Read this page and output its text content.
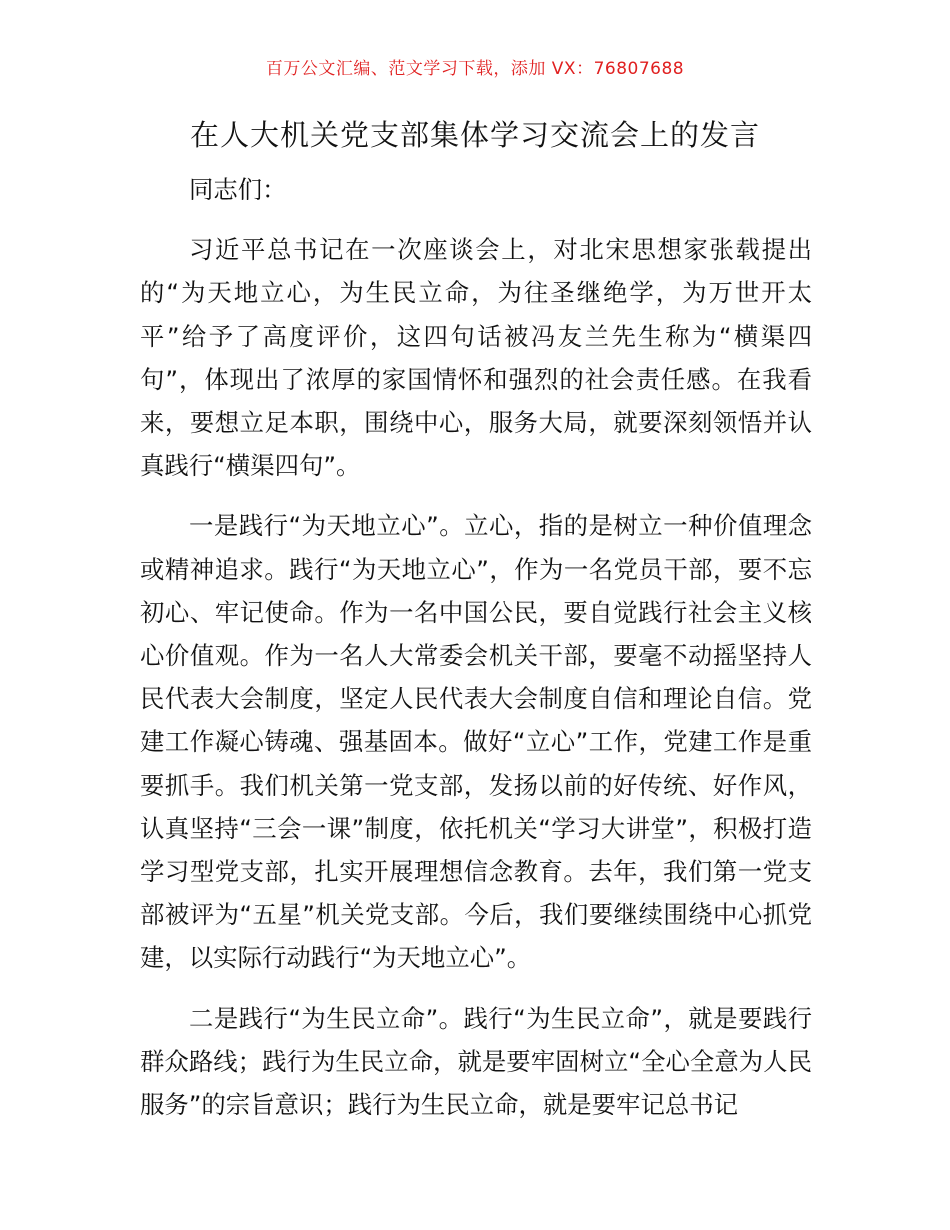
百万公文汇编、范文学习下载，添加 VX：76807688
在人大机关党支部集体学习交流会上的发言

同志们：

习近平总书记在一次座谈会上，对北宋思想家张载提出的“为天地立心，为生民立命，为往圣继绝学，为万世开太平”给予了高度评价，这四句话被冯友兰先生称为“横渠四句”，体现出了浓厚的家国情怀和强烈的社会责任感。在我看来，要想立足本职，围绕中心，服务大局，就要深刻领悟并认真践行“横渠四句”。

一是践行“为天地立心”。立心，指的是树立一种价值理念或精神追求。践行“为天地立心”，作为一名党员干部，要不忘初心、牢记使命。作为一名中国公民，要自觉践行社会主义核心价值观。作为一名人大常委会机关干部，要毫不动摇坚持人民代表大会制度，坚定人民代表大会制度自信和理论自信。党建工作凝心铸魂、强基固本。做好“立心”工作，党建工作是重要抓手。我们机关第一党支部，发扬以前的好传统、好作风，认真坚持“三会一课”制度，依托机关“学习大讲堂”，积极打造学习型党支部，扎实开展理想信念教育。去年，我们第一党支部被评为“五星”机关党支部。今后，我们要继续围绕中心抓党建，以实际行动践行“为天地立心”。

二是践行“为生民立命”。践行“为生民立命”，就是要践行群众路线；践行为生民立命，就是要牢固树立“全心全意为人民服务”的宗旨意识；践行为生民立命，就是要牢记总书记
